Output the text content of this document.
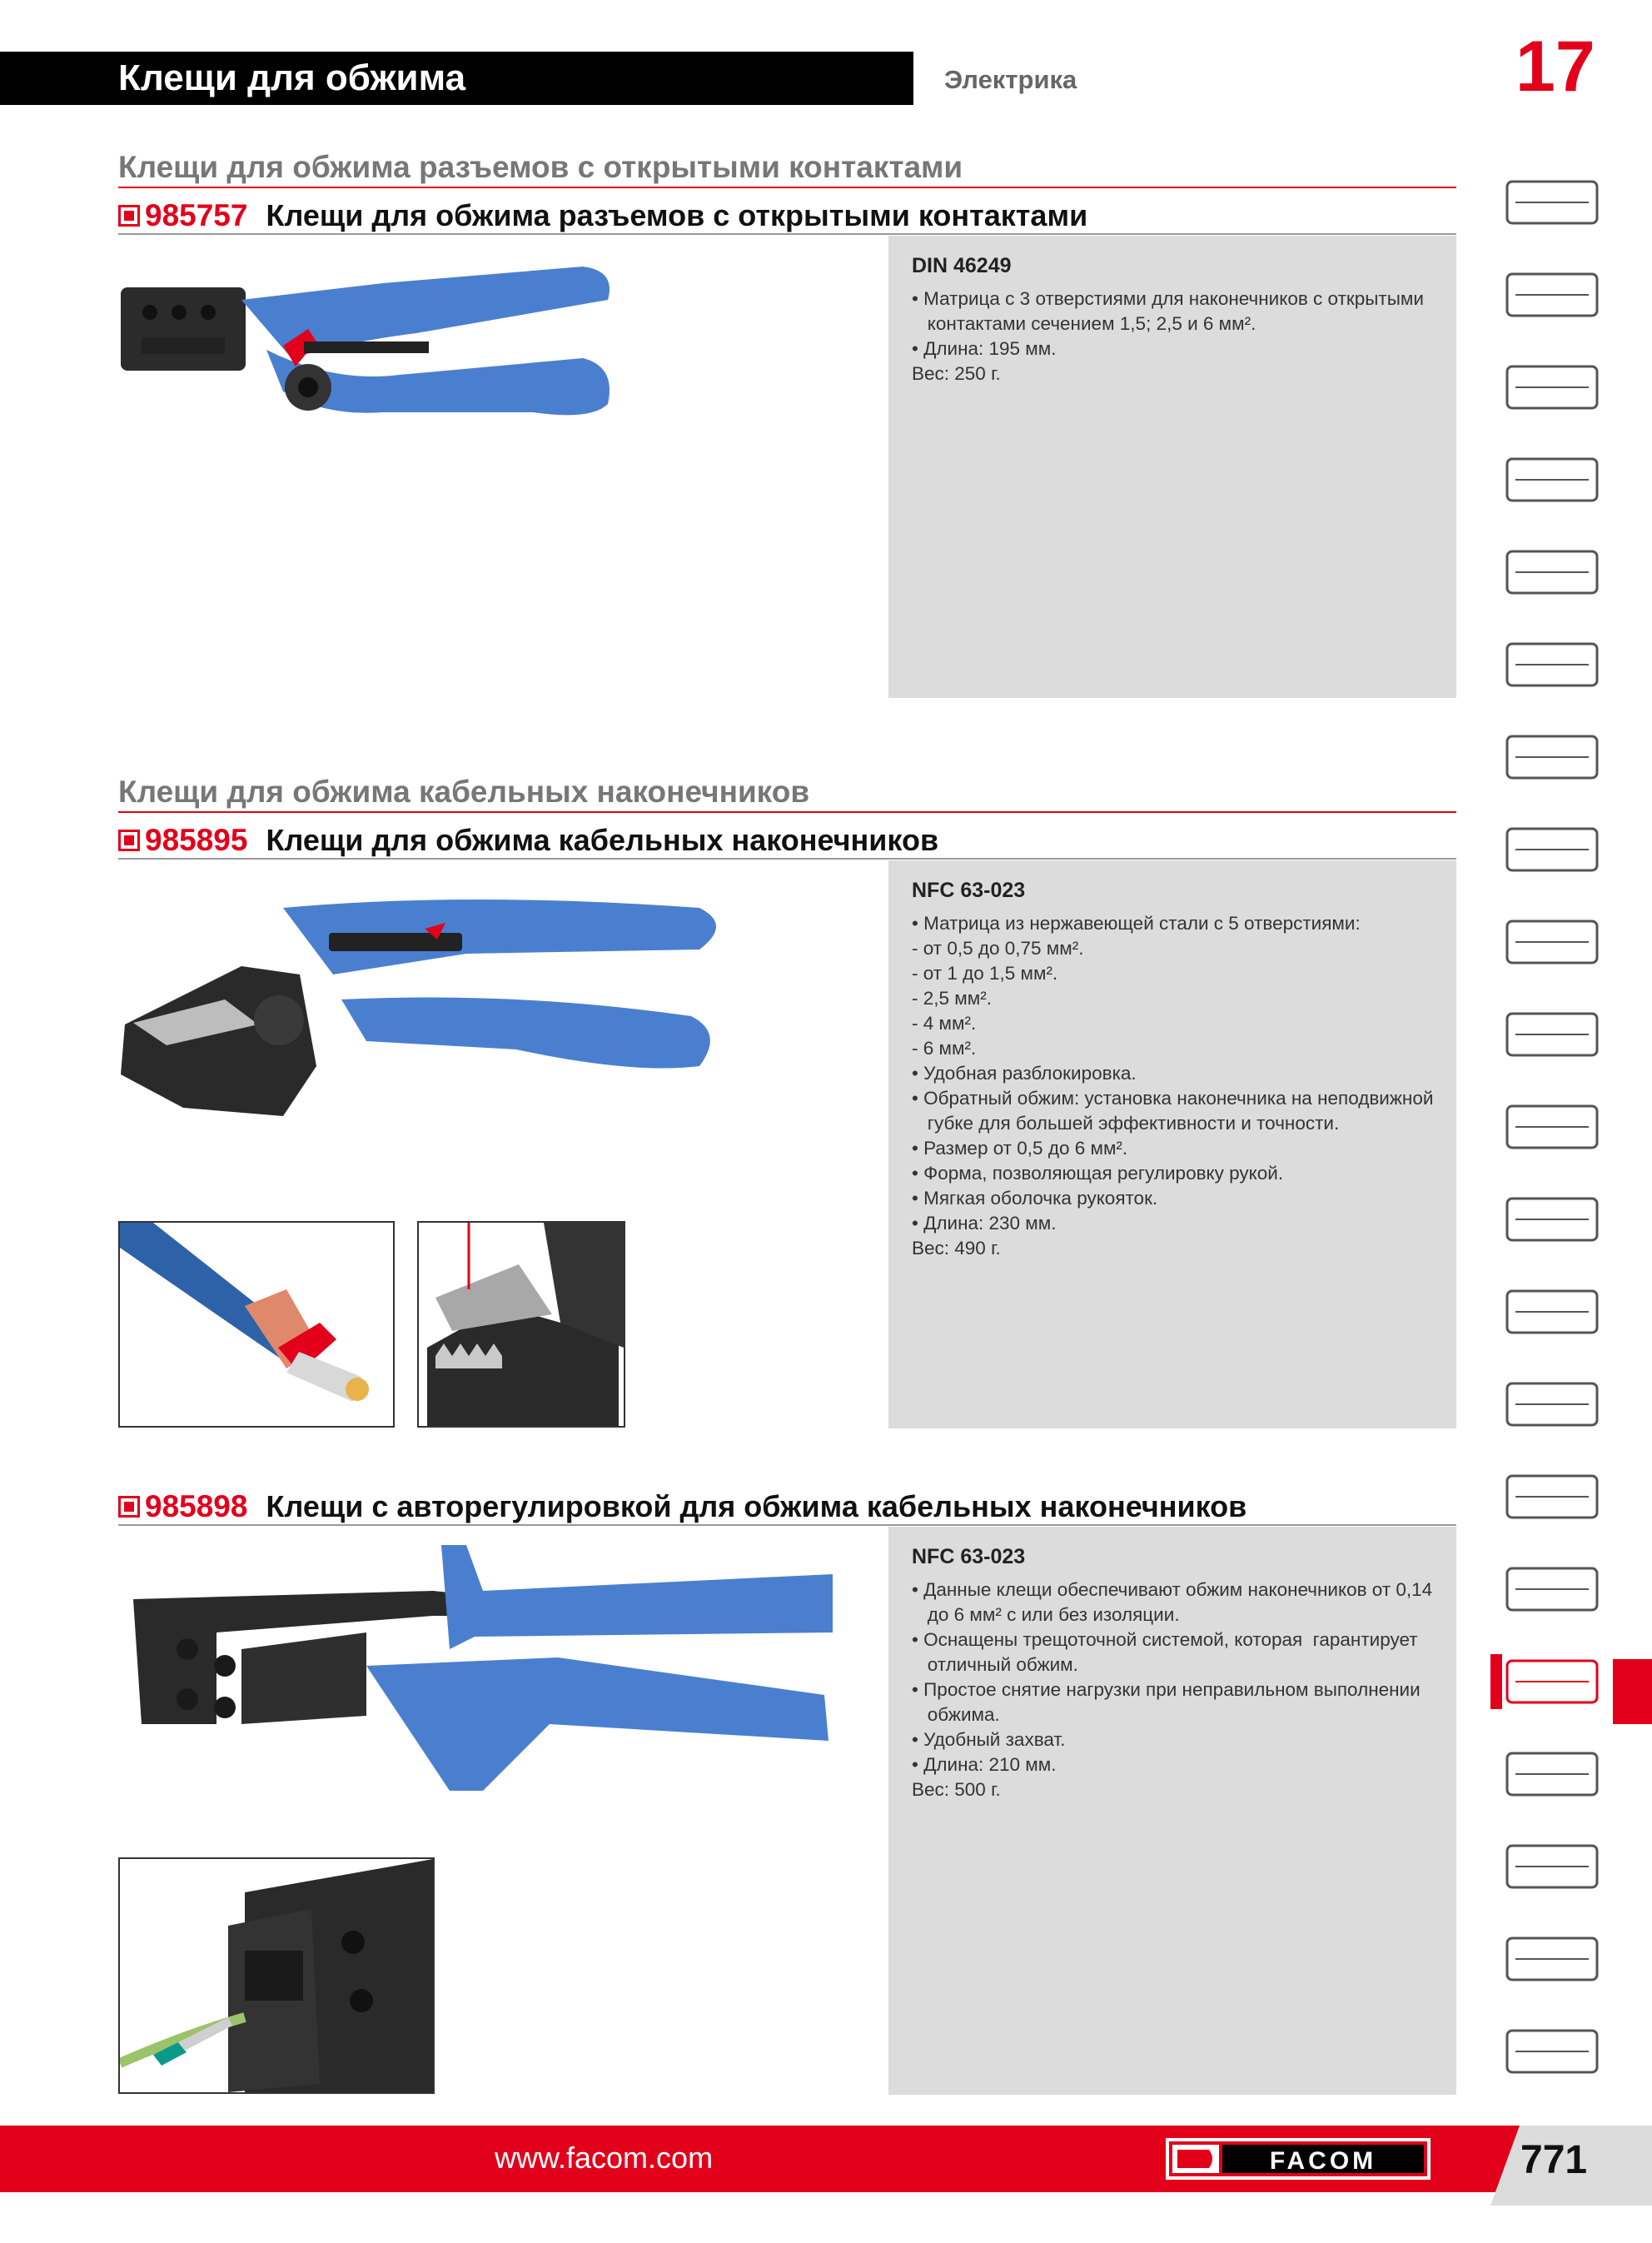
Клещи для обжима	Электрика	17
Клещи для обжима разъемов с открытыми контактами
985757 Клещи для обжима разъемов с открытыми контактами
DIN 46249
• Матрица с 3 отверстиями для наконечников с открытыми
контактами сечением 1,5; 2,5 и 6 мм².
• Длина: 195 мм.
Вес: 250 г.
Клещи для обжима кабельных наконечников
985895 Клещи для обжима кабельных наконечников
NFC 63-023
• Матрица из нержавеющей стали с 5 отверстиями:
- от 0,5 до 0,75 мм².
- от 1 до 1,5 мм².
- 2,5 мм².
- 4 мм².
- 6 мм².
• Удобная разблокировка.
• Обратный обжим: установка наконечника на неподвижной
губке для большей эффективности и точности.
• Размер от 0,5 до 6 мм².
• Форма, позволяющая регулировку рукой.
• Мягкая оболочка рукояток.
• Длина: 230 мм.
Вес: 490 г.
985898 Клещи с авторегулировкой для обжима кабельных наконечников
NFC 63-023
• Данные клещи обеспечивают обжим наконечников от 0,14
до 6 мм² с или без изоляции.
• Оснащены трещоточной системой, которая  гарантирует
отличный обжим.
• Простое снятие нагрузки при неправильном выполнении
обжима.
• Удобный захват.
• Длина: 210 мм.
Вес: 500 г.
www.facom.com	FACOM	771
